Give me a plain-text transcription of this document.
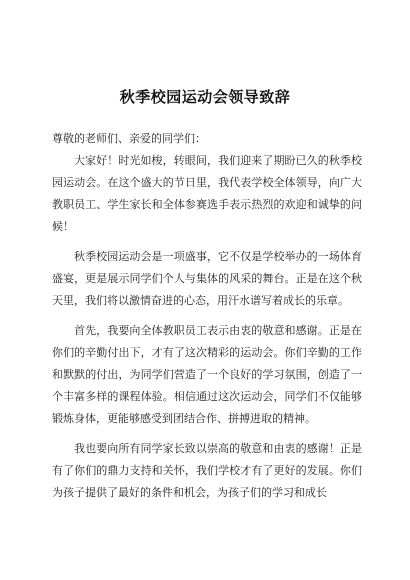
秋季校园运动会领导致辞

尊敬的老师们、亲爱的同学们：

大家好！时光如梭，转眼间，我们迎来了期盼已久的秋季校园运动会。在这个盛大的节日里，我代表学校全体领导，向广大教职员工、学生家长和全体参赛选手表示热烈的欢迎和诚挚的问候！

秋季校园运动会是一项盛事，它不仅是学校举办的一场体育盛宴，更是展示同学们个人与集体的风采的舞台。正是在这个秋天里，我们将以激情奋进的心态，用汗水谱写着成长的乐章。

首先，我要向全体教职员工表示由衷的敬意和感谢。正是在你们的辛勤付出下，才有了这次精彩的运动会。你们辛勤的工作和默默的付出，为同学们营造了一个良好的学习氛围，创造了一个丰富多样的课程体验。相信通过这次运动会，同学们不仅能够锻炼身体，更能够感受到团结合作、拼搏进取的精神。

我也要向所有同学家长致以崇高的敬意和由衷的感谢！正是有了你们的鼎力支持和关怀，我们学校才有了更好的发展。你们为孩子提供了最好的条件和机会，为孩子们的学习和成长
